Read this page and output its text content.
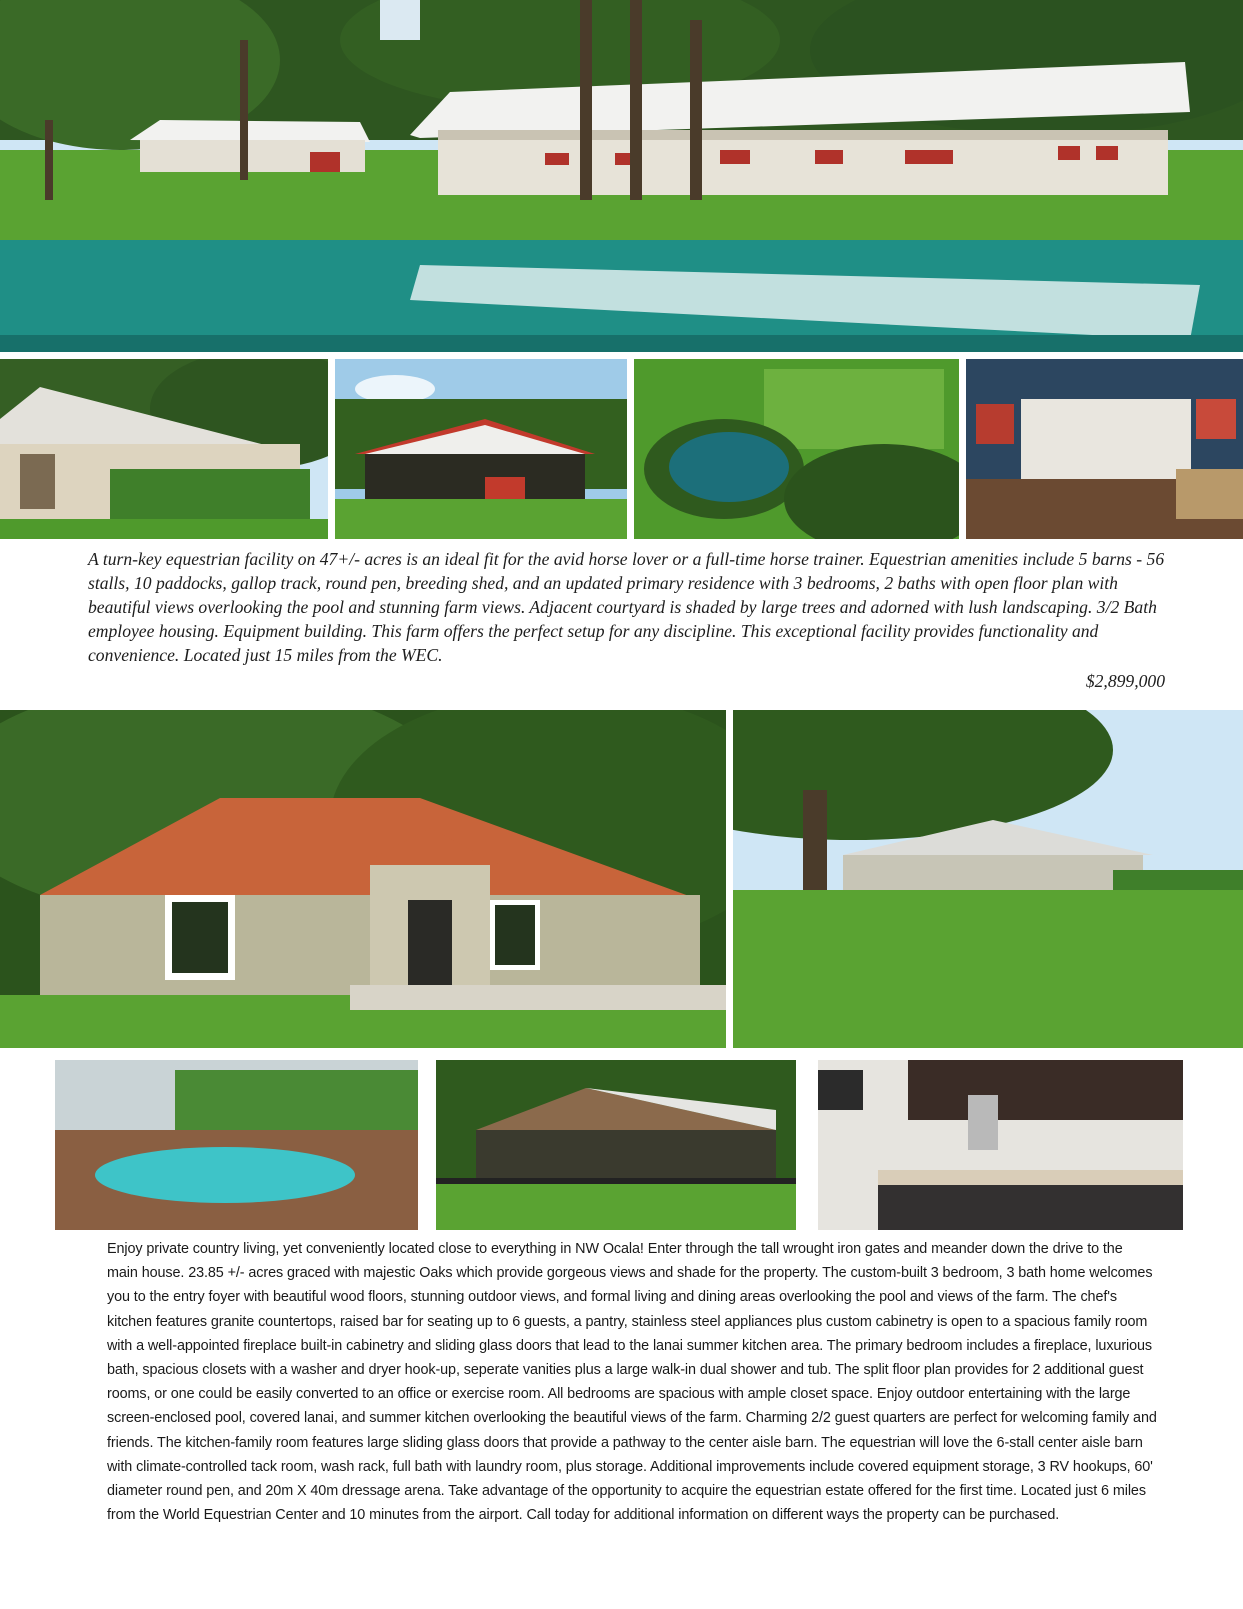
A turn-key equestrian facility on 47+/- acres is an ideal fit for the avid horse lover or a full-time horse trainer. Equestrian amenities include 5 barns - 56 stalls, 10 paddocks, gallop track, round pen, breeding shed, and an updated primary residence with 3 bedrooms, 2 baths with open floor plan with beautiful views overlooking the pool and stunning farm views. Adjacent courtyard is shaded by large trees and adorned with lush landscaping. 3/2 Bath employee housing. Equipment building. This farm offers the perfect setup for any discipline. This exceptional facility provides functionality and convenience. Located just 15 miles from the WEC.

$2,899,000

Enjoy private country living, yet conveniently located close to everything in NW Ocala! Enter through the tall wrought iron gates and meander down the drive to the main house. 23.85 +/- acres graced with majestic Oaks which provide gorgeous views and shade for the property. The custom-built 3 bedroom, 3 bath home welcomes you to the entry foyer with beautiful wood floors, stunning outdoor views, and formal living and dining areas overlooking the pool and views of the farm. The chef's kitchen features granite countertops, raised bar for seating up to 6 guests, a pantry, stainless steel appliances plus custom cabinetry is open to a spacious family room with a well-appointed fireplace built-in cabinetry and sliding glass doors that lead to the lanai summer kitchen area. The primary bedroom includes a fireplace, luxurious bath, spacious closets with a washer and dryer hook-up, seperate vanities plus a large walk-in dual shower and tub. The split floor plan provides for 2 additional guest rooms, or one could be easily converted to an office or exercise room. All bedrooms are spacious with ample closet space. Enjoy outdoor entertaining with the large screen-enclosed pool, covered lanai, and summer kitchen overlooking the beautiful views of the farm. Charming 2/2 guest quarters are perfect for welcoming family and friends. The kitchen-family room features large sliding glass doors that provide a pathway to the center aisle barn. The equestrian will love the 6-stall center aisle barn with climate-controlled tack room, wash rack, full bath with laundry room, plus storage. Additional improvements include covered equipment storage, 3 RV hookups, 60' diameter round pen, and 20m X 40m dressage arena. Take advantage of the opportunity to acquire the equestrian estate offered for the first time. Located just 6 miles from the World Equestrian Center and 10 minutes from the airport. Call today for additional information on different ways the property can be purchased.
